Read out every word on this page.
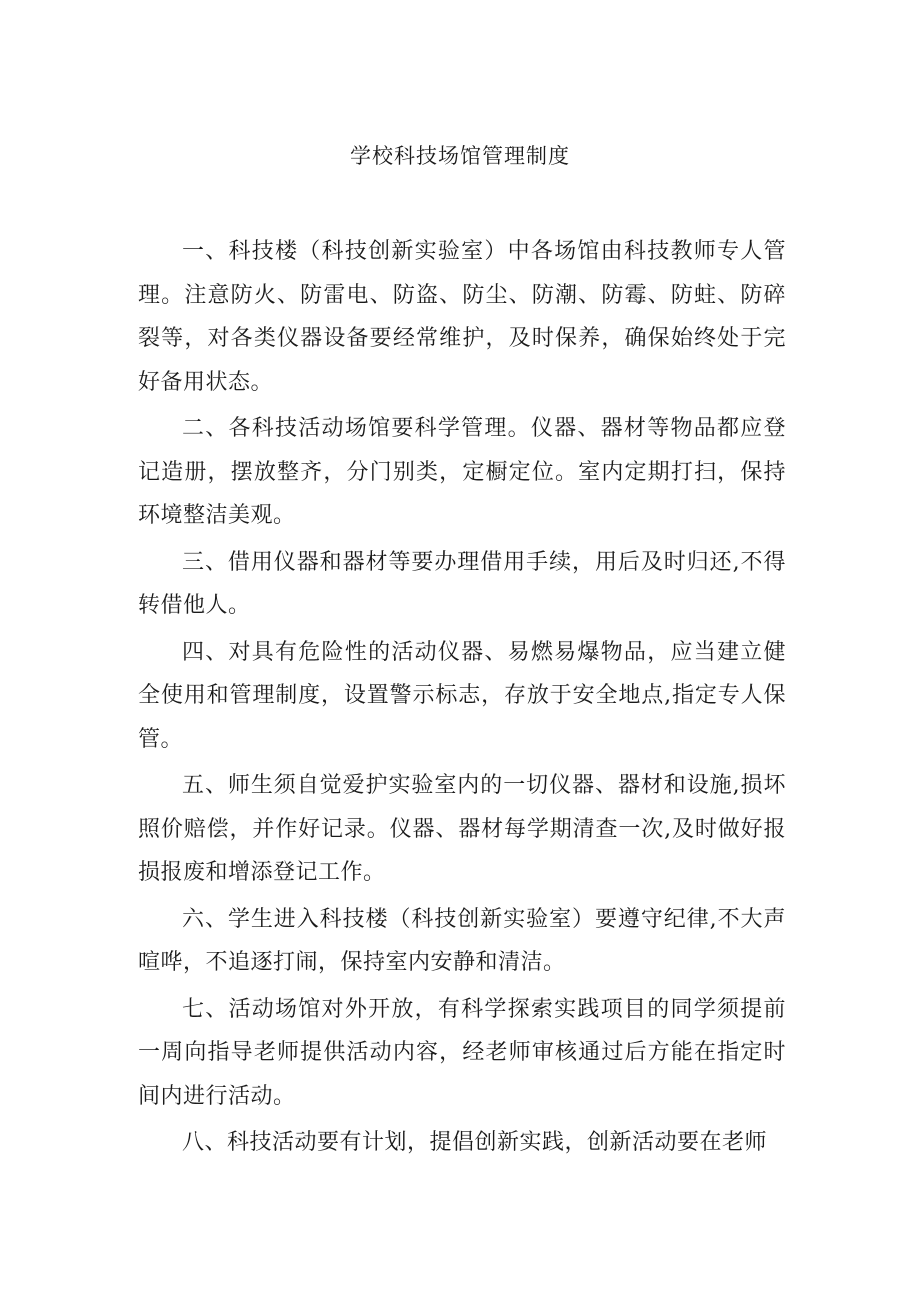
学校科技场馆管理制度

一、科技楼（科技创新实验室）中各场馆由科技教师专人管理。注意防火、防雷电、防盗、防尘、防潮、防霉、防蛀、防碎裂等，对各类仪器设备要经常维护，及时保养，确保始终处于完好备用状态。

二、各科技活动场馆要科学管理。仪器、器材等物品都应登记造册，摆放整齐，分门别类，定橱定位。室内定期打扫，保持环境整洁美观。

三、借用仪器和器材等要办理借用手续，用后及时归还,不得转借他人。

四、对具有危险性的活动仪器、易燃易爆物品，应当建立健全使用和管理制度，设置警示标志，存放于安全地点,指定专人保管。

五、师生须自觉爱护实验室内的一切仪器、器材和设施,损坏照价赔偿，并作好记录。仪器、器材每学期清查一次,及时做好报损报废和增添登记工作。

六、学生进入科技楼（科技创新实验室）要遵守纪律,不大声喧哗，不追逐打闹，保持室内安静和清洁。

七、活动场馆对外开放，有科学探索实践项目的同学须提前一周向指导老师提供活动内容，经老师审核通过后方能在指定时间内进行活动。

八、科技活动要有计划，提倡创新实践，创新活动要在老师
